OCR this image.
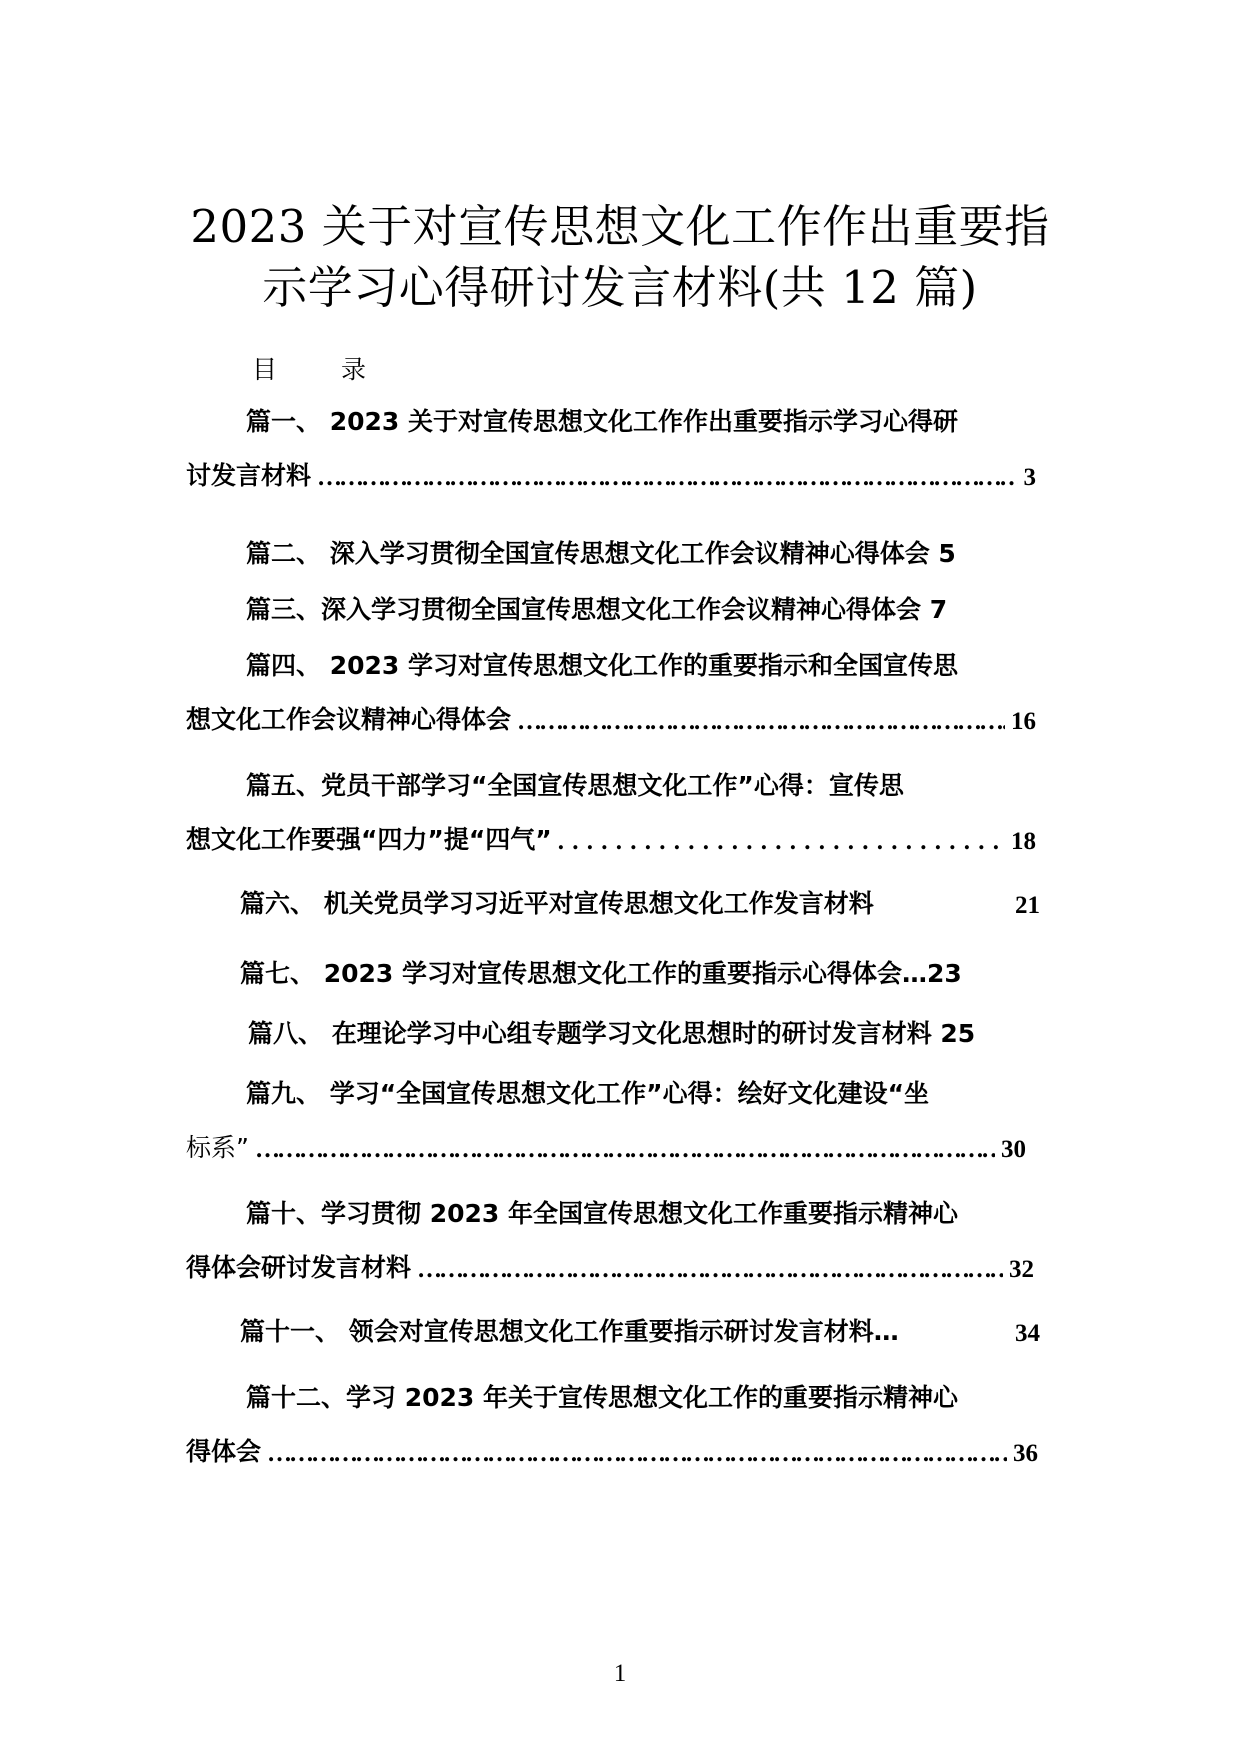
2023 关于对宣传思想文化工作作出重要指
示学习心得研讨发言材料(共 12 篇)
目 录
篇一、 2023 关于对宣传思想文化工作作出重要指示学习心得研
讨发言材料 ………………………………………………………………………………………………………………………………………………	3
篇二、 深入学习贯彻全国宣传思想文化工作会议精神心得体会 5
篇三、深入学习贯彻全国宣传思想文化工作会议精神心得体会 7
篇四、 2023 学习对宣传思想文化工作的重要指示和全国宣传思
想文化工作会议精神心得体会 ………………………………………………………………………………………………………………………………………………	16
篇五、党员干部学习“全国宣传思想文化工作”心得：宣传思
想文化工作要强“四力”提“四气” . . .	18
篇六、 机关党员学习习近平对宣传思想文化工作发言材料	21
篇七、 2023 学习对宣传思想文化工作的重要指示心得体会…23
篇八、 在理论学习中心组专题学习文化思想时的研讨发言材料 25
篇九、 学习“全国宣传思想文化工作”心得：绘好文化建设“坐
标系” ………………………………………………………………………………………………………………………………………………	30
篇十、学习贯彻 2023 年全国宣传思想文化工作重要指示精神心
得体会研讨发言材料 ………………………………………………………………………………………………………………………………………………	32
篇十一、 领会对宣传思想文化工作重要指示研讨发言材料…	34
篇十二、学习 2023 年关于宣传思想文化工作的重要指示精神心
得体会 ………………………………………………………………………………………………………………………………………………	36
1
